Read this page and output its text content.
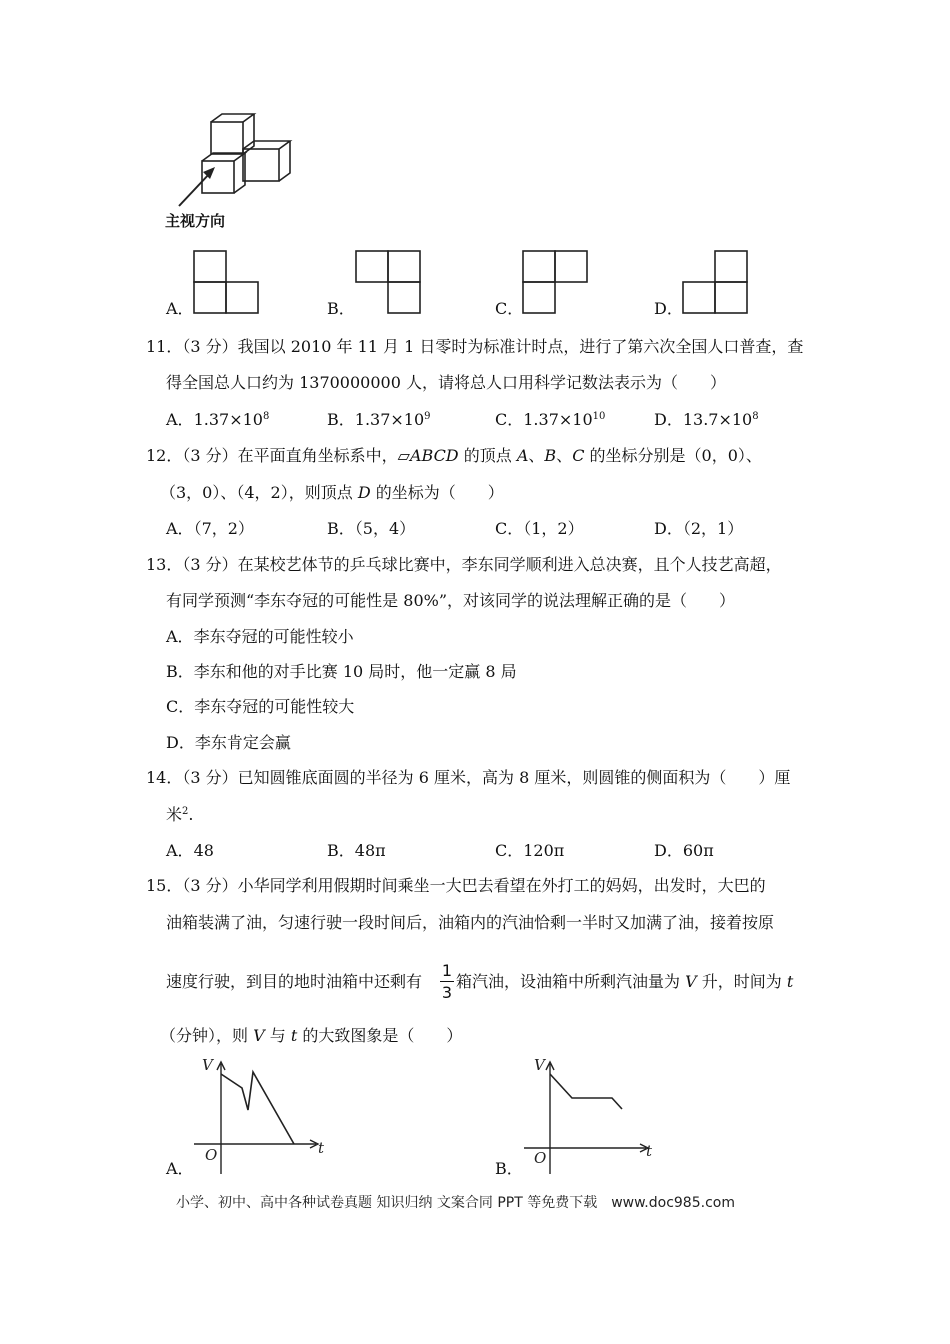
主视方向
A．	B．	C．	D．
11．（3 分）我国以 2010 年 11 月 1 日零时为标准计时点，进行了第六次全国人口普查，查
得全国总人口约为 1370000000 人，请将总人口用科学记数法表示为（　　）
A．$1.37\times 10^8$	B．$1.37\times 10^9$	C．$1.37\times 10^{10}$	D．$13.7\times 10^8$
12．（3 分）在平面直角坐标系中，▱ABCD 的顶点 A、B、C 的坐标分别是（0，0）、
（3，0）、（4，2），则顶点 D 的坐标为（　　）
A．（7，2）	B．（5，4）	C．（1，2）	D．（2，1）
13．（3 分）在某校艺体节的乒乓球比赛中，李东同学顺利进入总决赛，且个人技艺高超，
有同学预测“李东夺冠的可能性是 80%”，对该同学的说法理解正确的是（　　）
A．李东夺冠的可能性较小
B．李东和他的对手比赛 10 局时，他一定赢 8 局
C．李东夺冠的可能性较大
D．李东肯定会赢
14．（3 分）已知圆锥底面圆的半径为 6 厘米，高为 8 厘米，则圆锥的侧面积为（　　）厘
米$^2$.
A．48	B．48π	C．120π	D．60π
15．（3 分）小华同学利用假期时间乘坐一大巴去看望在外打工的妈妈，出发时，大巴的
油箱装满了油，匀速行驶一段时间后，油箱内的汽油恰剩一半时又加满了油，接着按原
速度行驶，到目的地时油箱中还剩有
1
3
箱汽油，设油箱中所剩汽油量为 V 升，时间为 t
（分钟），则 V 与 t 的大致图象是（　　）
A．
V
t
O
B．
V
t
O
小学、初中、高中各种试卷真题 知识归纳 文案合同 PPT 等免费下载　www.doc985.com
